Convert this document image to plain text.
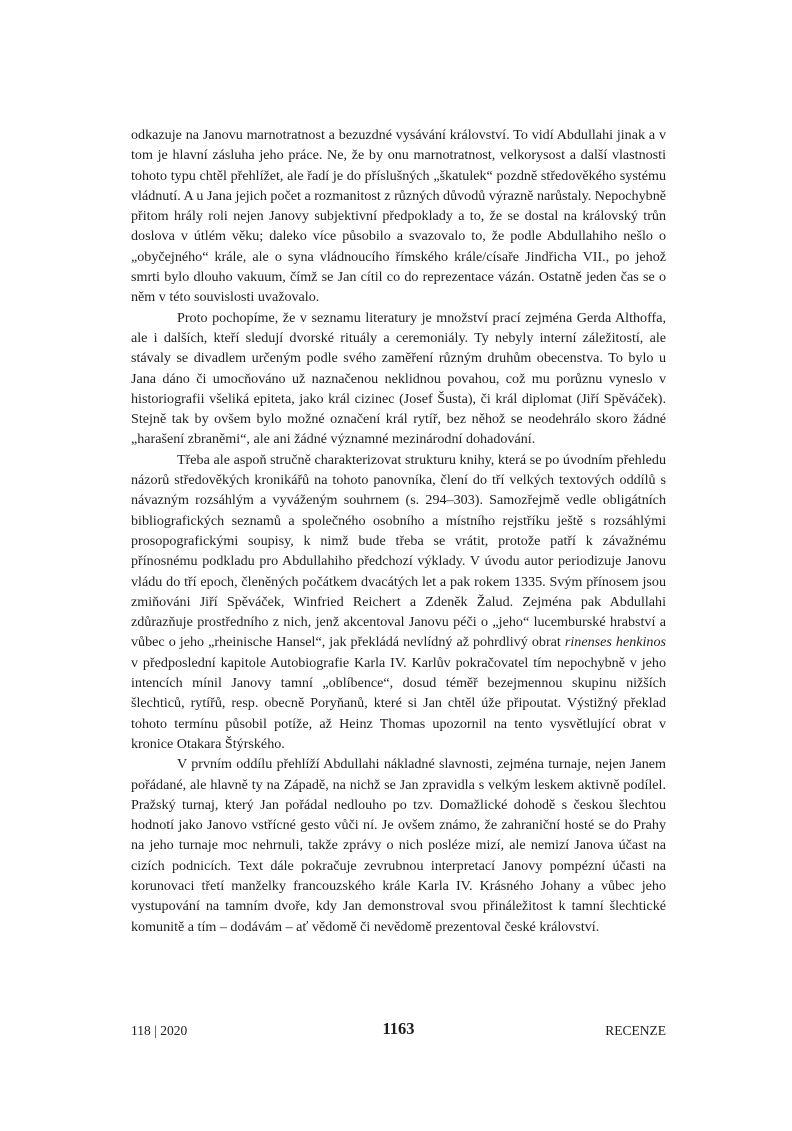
odkazuje na Janovu marnotratnost a bezuzdné vysávání království. To vidí Abdullahi jinak a v tom je hlavní zásluha jeho práce. Ne, že by onu marnotratnost, velkorysost a další vlastnosti tohoto typu chtěl přehlížet, ale řadí je do příslušných „škatulek“ pozdně středověkého systému vládnutí. A u Jana jejich počet a rozmanitost z různých důvodů výrazně narůstaly. Nepochybně přitom hrály roli nejen Janovy subjektivní předpoklady a to, že se dostal na královský trůn doslova v útlém věku; daleko více působilo a svazovalo to, že podle Abdullahiho nešlo o „obyčejného“ krále, ale o syna vládnoucího římského krále/císaře Jindřicha VII., po jehož smrti bylo dlouho vakuum, čímž se Jan cítil co do reprezentace vázán. Ostatně jeden čas se o něm v této souvislosti uvažovalo.

Proto pochopíme, že v seznamu literatury je množství prací zejména Gerda Althoffa, ale i dalších, kteří sledují dvorské rituály a ceremoniály. Ty nebyly interní záležitostí, ale stávaly se divadlem určeným podle svého zaměření různým druhům obecenstva. To bylo u Jana dáno či umocňováno už naznačenou neklidnou povahou, což mu porůznu vyneslo v historiografii všeliká epiteta, jako král cizinec (Josef Šusta), či král diplomat (Jiří Spěváček). Stejně tak by ovšem bylo možné označení král rytíř, bez něhož se neodehrálo skoro žádné „harašení zbraněmi“, ale ani žádné významné mezinárodní dohadování.

Třeba ale aspoň stručně charakterizovat strukturu knihy, která se po úvodním přehledu názorů středověkých kronikářů na tohoto panovníka, člení do tří velkých textových oddílů s návazným rozsáhlým a vyváženým souhrnem (s. 294–303). Samozřejmě vedle obligátních bibliografických seznamů a společného osobního a místního rejstříku ještě s rozsáhlými prosopografickými soupisy, k nimž bude třeba se vrátit, protože patří k závažnému přínosnému podkladu pro Abdullahiho předchozí výklady. V úvodu autor periodizuje Janovu vládu do tří epoch, členěných počátkem dvacátých let a pak rokem 1335. Svým přínosem jsou zmiňováni Jiří Spěváček, Winfried Reichert a Zdeněk Žalud. Zejména pak Abdullahi zdůrazňuje prostředního z nich, jenž akcentoval Janovu péči o „jeho“ lucemburské hrabství a vůbec o jeho „rheinische Hansel“, jak překládá nevlídný až pohrdlivý obrat rinenses henkinos v předposlední kapitole Autobiografie Karla IV. Karlův pokračovatel tím nepochybně v jeho intencích mínil Janovy tamní „oblíbence“, dosud téměř bezejmennou skupinu nižších šlechticů, rytířů, resp. obecně Poryňanů, které si Jan chtěl úže připoutat. Výstižný překlad tohoto termínu působil potíže, až Heinz Thomas upozornil na tento vysvětlující obrat v kronice Otakara Štýrského.

V prvním oddílu přehlíží Abdullahi nákladné slavnosti, zejména turnaje, nejen Janem pořádané, ale hlavně ty na Západě, na nichž se Jan zpravidla s velkým leskem aktivně podílel. Pražský turnaj, který Jan pořádal nedlouho po tzv. Domažlické dohodě s českou šlechtou hodnotí jako Janovo vstřícné gesto vůči ní. Je ovšem známo, že zahraniční hosté se do Prahy na jeho turnaje moc nehrnuli, takže zprávy o nich posléze mizí, ale nemizí Janova účast na cizích podnicích. Text dále pokračuje zevrubnou interpretací Janovy pompézní účasti na korunovaci třetí manželky francouzského krále Karla IV. Krásného Johany a vůbec jeho vystupování na tamním dvoře, kdy Jan demonstroval svou přináležitost k tamní šlechtické komunitě a tím – dodávám – ať vědomě či nevědomě prezentoval české království.

118 | 2020	1163	RECENZE
